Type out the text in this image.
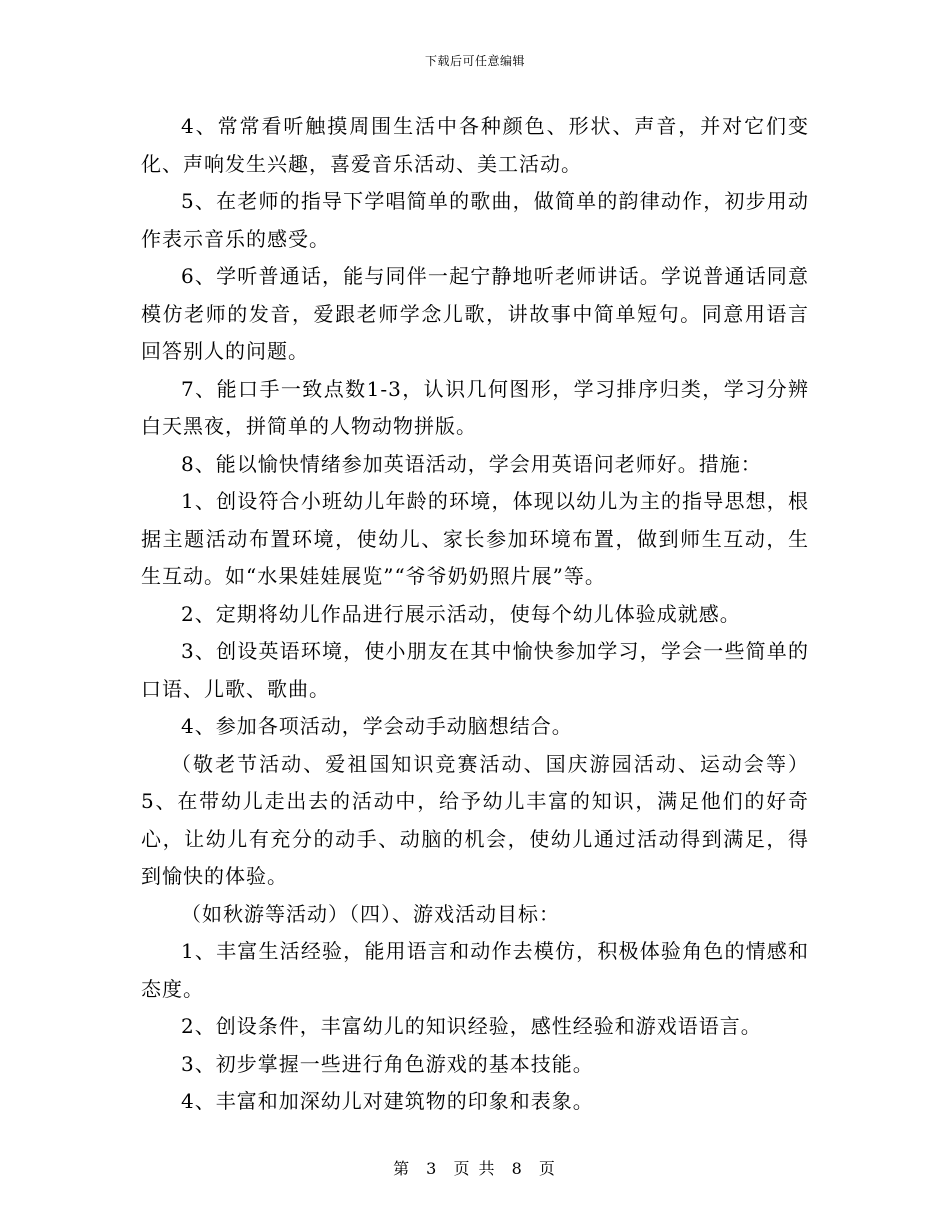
下载后可任意编辑

4、常常看听触摸周围生活中各种颜色、形状、声音，并对它们变化、声响发生兴趣，喜爱音乐活动、美工活动。

5、在老师的指导下学唱简单的歌曲，做简单的韵律动作，初步用动作表示音乐的感受。

6、学听普通话，能与同伴一起宁静地听老师讲话。学说普通话同意模仿老师的发音，爱跟老师学念儿歌，讲故事中简单短句。同意用语言回答别人的问题。

7、能口手一致点数1-3，认识几何图形，学习排序归类，学习分辨白天黑夜，拼简单的人物动物拼版。

8、能以愉快情绪参加英语活动，学会用英语问老师好。措施：

1、创设符合小班幼儿年龄的环境，体现以幼儿为主的指导思想，根据主题活动布置环境，使幼儿、家长参加环境布置，做到师生互动，生生互动。如“水果娃娃展览”“爷爷奶奶照片展”等。

2、定期将幼儿作品进行展示活动，使每个幼儿体验成就感。

3、创设英语环境，使小朋友在其中愉快参加学习，学会一些简单的口语、儿歌、歌曲。

4、参加各项活动，学会动手动脑想结合。

（敬老节活动、爱祖国知识竞赛活动、国庆游园活动、运动会等）5、在带幼儿走出去的活动中，给予幼儿丰富的知识，满足他们的好奇心，让幼儿有充分的动手、动脑的机会，使幼儿通过活动得到满足，得到愉快的体验。

（如秋游等活动）（四）、游戏活动目标：

1、丰富生活经验，能用语言和动作去模仿，积极体验角色的情感和态度。

2、创设条件，丰富幼儿的知识经验，感性经验和游戏语语言。

3、初步掌握一些进行角色游戏的基本技能。

4、丰富和加深幼儿对建筑物的印象和表象。

第 3 页 共 8 页
